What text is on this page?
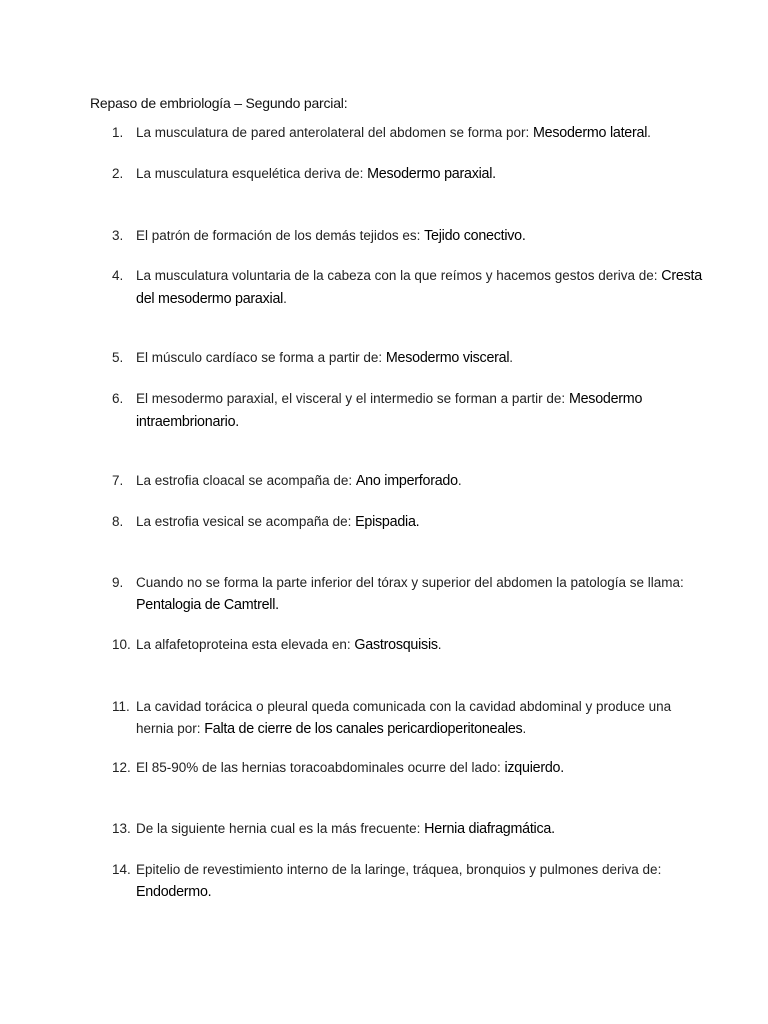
Repaso de embriología – Segundo parcial:
1. La musculatura de pared anterolateral del abdomen se forma por: Mesodermo lateral.
2. La musculatura esquelética deriva de: Mesodermo paraxial.
3. El patrón de formación de los demás tejidos es: Tejido conectivo.
4. La musculatura voluntaria de la cabeza con la que reímos y hacemos gestos deriva de: Cresta del mesodermo paraxial.
5. El músculo cardíaco se forma a partir de: Mesodermo visceral.
6. El mesodermo paraxial, el visceral y el intermedio se forman a partir de: Mesodermo intraembrionario.
7. La estrofia cloacal se acompaña de: Ano imperforado.
8. La estrofia vesical se acompaña de: Epispadia.
9. Cuando no se forma la parte inferior del tórax y superior del abdomen la patología se llama: Pentalogia de Camtrell.
10. La alfafetoproteina esta elevada en: Gastrosquisis.
11. La cavidad torácica o pleural queda comunicada con la cavidad abdominal y produce una hernia por: Falta de cierre de los canales pericardioperitoneales.
12. El 85-90% de las hernias toracoabdominales ocurre del lado: izquierdo.
13. De la siguiente hernia cual es la más frecuente: Hernia diafragmática.
14. Epitelio de revestimiento interno de la laringe, tráquea, bronquios y pulmones deriva de: Endodermo.
